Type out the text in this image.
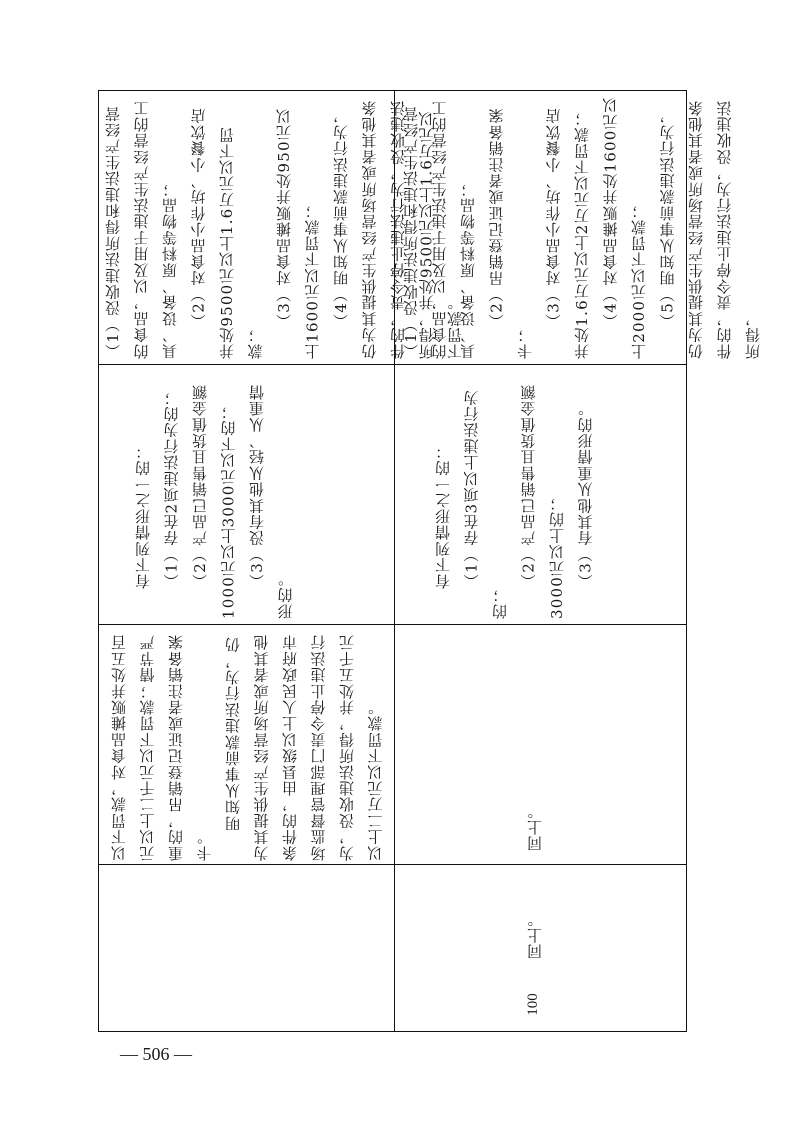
（1）没收违法所得和违法生产经营的食品，以及用于违法生产经营的工具、设备、原料等物品； （2）对食品小作坊、小餐饮店并处9500元以上1.6万元以下罚款；

（3）对食品摊贩并处950元以上1600元以下罚款； （4）明知从事前款违法行为，仍为其提供生产经营场所或者其他条件的，责令停止违法行为，没收违法所得，并处9500元以上1.6万元以下罚款。

有下列情形之一的： （1）存在2项违法行为的； （2）产品已销售且货值金额1000元以上3000元以下的； （3）没有其他从轻、从重情形的。

以下罚款，对食品摊贩并处五百元以上二千元以下罚款；情节严重的，吊销登记证或者注销备案卡。

明知从事前款违法行为，仍为其提供生产经营场所或者其他条件的，由县级以上人民政府市场监督管理部门责令停止违法行为，没收违法所得，并处五千元以上二万元以下罚款。

（1）没收违法所得和违法生产经营的食品，以及用于违法生产经营的工具、设备、原料等物品； （2）吊销登记证或者注销备案卡；

（3）对食品小作坊、小餐饮店并处1.6万元以上2万元以下罚款； （4）对食品摊贩并处1600元以上2000元以下罚款； （5）明知从事前款违法行为，仍为其提供生产经营场所或者其他条件的，责令停止违法行为，没收违法所得，

有下列情形之一的： （1）存在3项以上违法行为的；

（2）产品已销售且货值金额3000元以上的； （3）有其他从重情形的。

同上。
同上。
100
— 506 —
